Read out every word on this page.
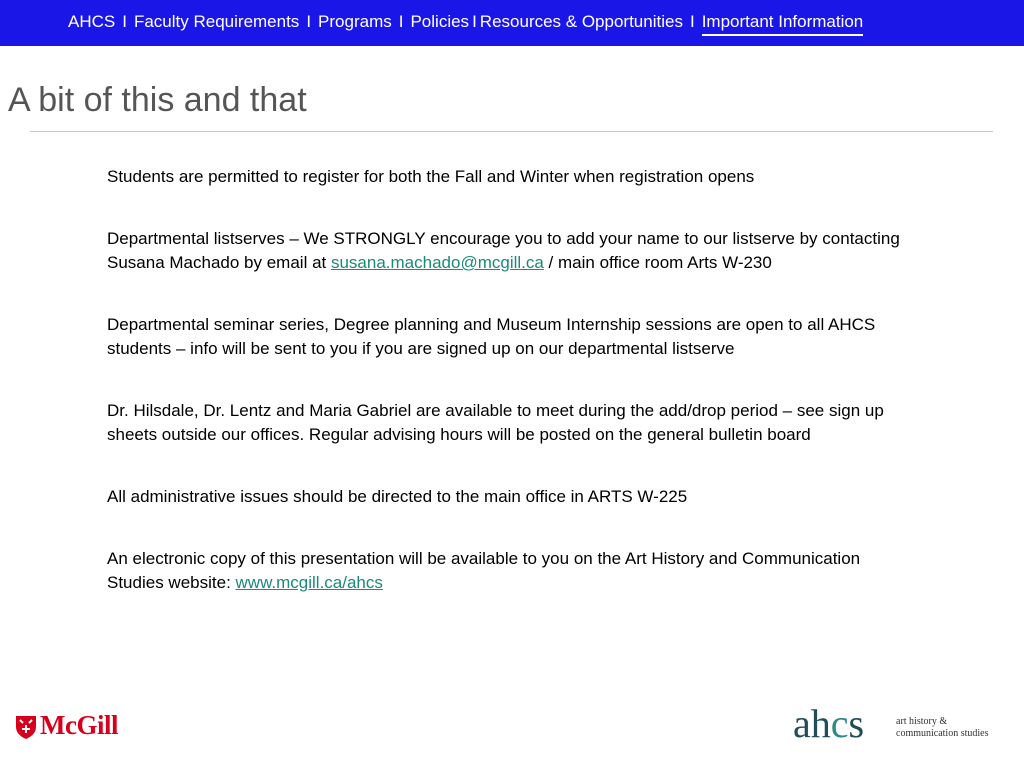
AHCS I Faculty Requirements I Programs I Policies I Resources & Opportunities I Important Information
A bit of this and that

Students are permitted to register for both the Fall and Winter when registration opens

Departmental listserves – We STRONGLY encourage you to add your name to our listserve by contacting Susana Machado by email at susana.machado@mcgill.ca / main office room Arts W-230

Departmental seminar series, Degree planning and Museum Internship sessions are open to all AHCS students – info will be sent to you if you are signed up on our departmental listserve

Dr. Hilsdale, Dr. Lentz and Maria Gabriel are available to meet during the add/drop period – see sign up sheets outside our offices. Regular advising hours will be posted on the general bulletin board

All administrative issues should be directed to the main office in ARTS W-225

An electronic copy of this presentation will be available to you on the Art History and Communication Studies website: www.mcgill.ca/ahcs

McGill	ahcs	art history &
communication studies
